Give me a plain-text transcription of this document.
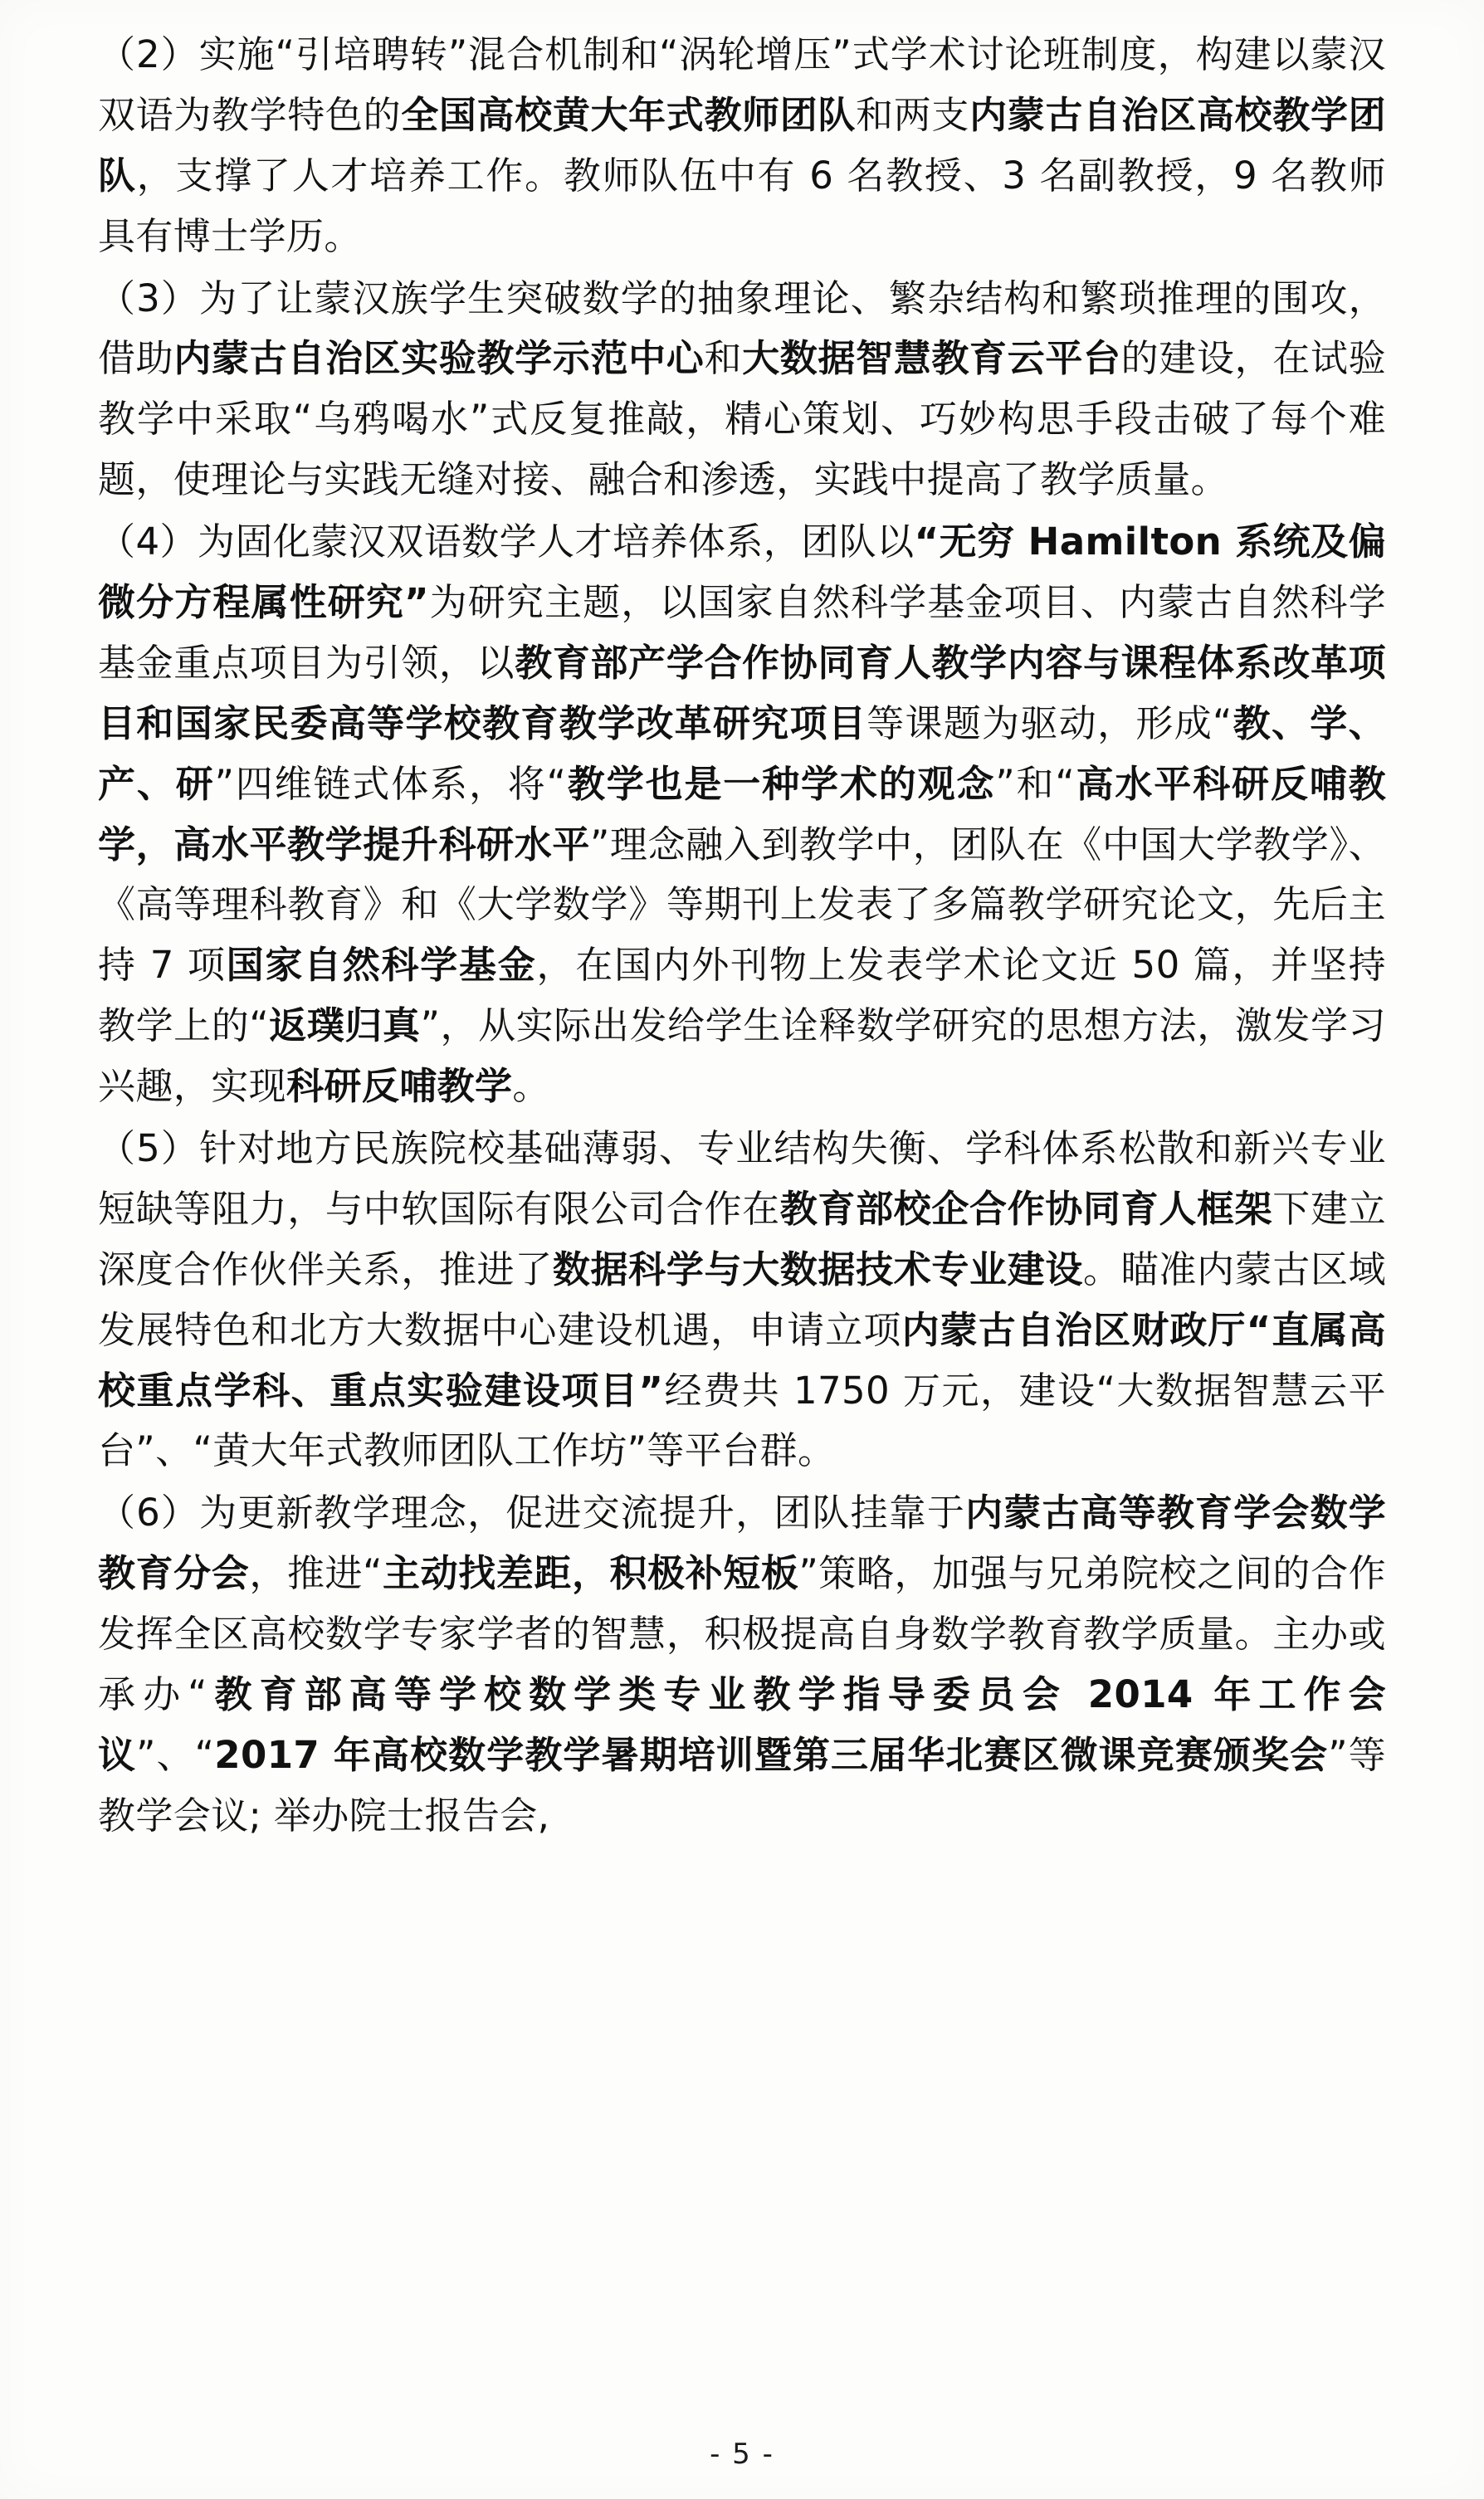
（2）实施“引培聘转”混合机制和“涡轮增压”式学术讨论班制度，构建以蒙汉双语为教学特色的全国高校黄大年式教师团队和两支内蒙古自治区高校教学团队，支撑了人才培养工作。教师队伍中有 6 名教授、3 名副教授，9 名教师具有博士学历。

（3）为了让蒙汉族学生突破数学的抽象理论、繁杂结构和繁琐推理的围攻，借助内蒙古自治区实验教学示范中心和大数据智慧教育云平台的建设，在试验教学中采取“乌鸦喝水”式反复推敲，精心策划、巧妙构思手段击破了每个难题，使理论与实践无缝对接、融合和渗透，实践中提高了教学质量。

（4）为固化蒙汉双语数学人才培养体系，团队以“无穷 Hamilton 系统及偏微分方程属性研究”为研究主题，以国家自然科学基金项目、内蒙古自然科学基金重点项目为引领，以教育部产学合作协同育人教学内容与课程体系改革项目和国家民委高等学校教育教学改革研究项目等课题为驱动，形成“教、学、产、研”四维链式体系，将“教学也是一种学术的观念”和“高水平科研反哺教学，高水平教学提升科研水平”理念融入到教学中，团队在《中国大学教学》、《高等理科教育》和《大学数学》等期刊上发表了多篇教学研究论文，先后主持 7 项国家自然科学基金，在国内外刊物上发表学术论文近 50 篇，并坚持教学上的“返璞归真”，从实际出发给学生诠释数学研究的思想方法，激发学习兴趣，实现科研反哺教学。

（5）针对地方民族院校基础薄弱、专业结构失衡、学科体系松散和新兴专业短缺等阻力，与中软国际有限公司合作在教育部校企合作协同育人框架下建立深度合作伙伴关系，推进了数据科学与大数据技术专业建设。瞄准内蒙古区域发展特色和北方大数据中心建设机遇，申请立项内蒙古自治区财政厅“直属高校重点学科、重点实验建设项目”经费共 1750 万元，建设“大数据智慧云平台”、“黄大年式教师团队工作坊”等平台群。

（6）为更新教学理念，促进交流提升，团队挂靠于内蒙古高等教育学会数学教育分会，推进“主动找差距，积极补短板”策略，加强与兄弟院校之间的合作发挥全区高校数学专家学者的智慧，积极提高自身数学教育教学质量。主办或承办“教育部高等学校数学类专业教学指导委员会 2014 年工作会议”、“2017 年高校数学教学暑期培训暨第三届华北赛区微课竞赛颁奖会”等教学会议; 举办院士报告会,

- 5 -
